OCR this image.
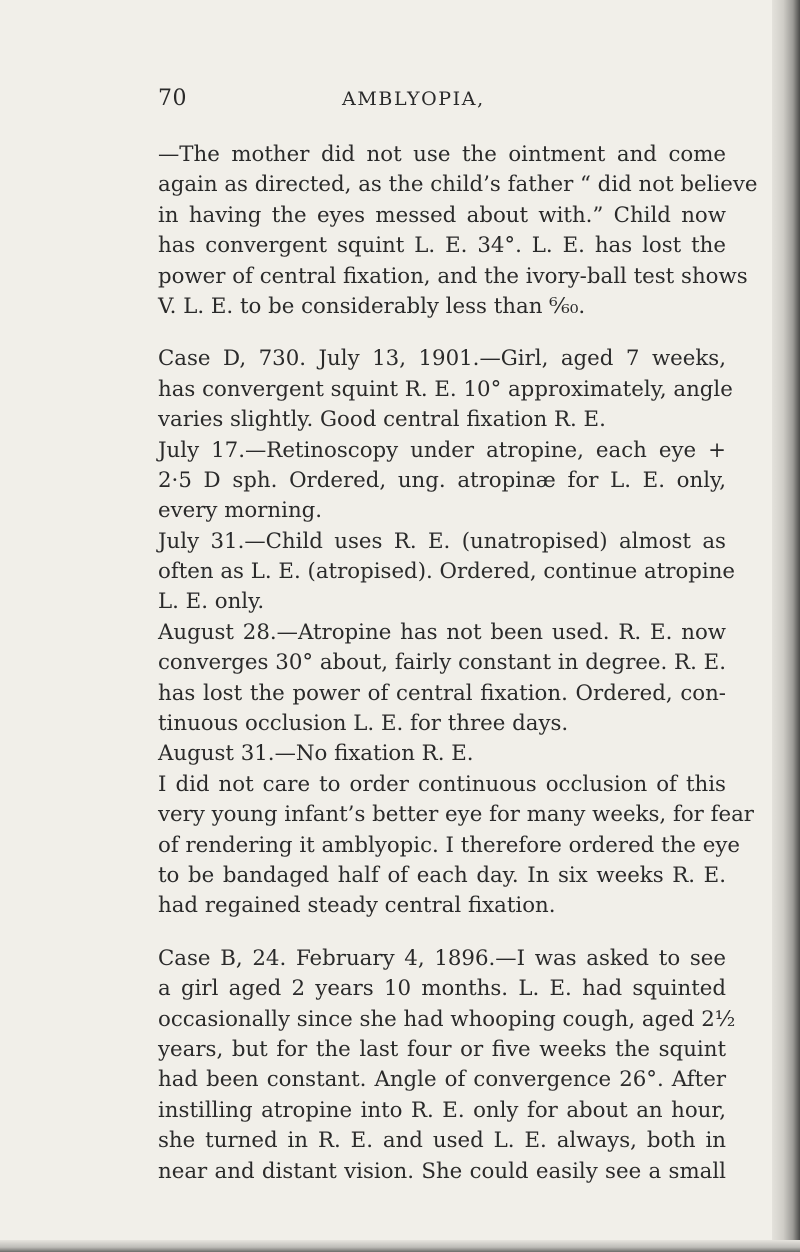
70	AMBLYOPIA,
—The mother did not use the ointment and come
again as directed, as the child’s father “ did not believe
in having the eyes messed about with.” Child now
has convergent squint L. E. 34°. L. E. has lost the
power of central fixation, and the ivory-ball test shows
V. L. E. to be considerably less than ⁶⁄₆₀.
Case D, 730. July 13, 1901.—Girl, aged 7 weeks,
has convergent squint R. E. 10° approximately, angle
varies slightly. Good central fixation R. E.
July 17.—Retinoscopy under atropine, each eye +
2·5 D sph. Ordered, ung. atropinæ for L. E. only,
every morning.
July 31.—Child uses R. E. (unatropised) almost as
often as L. E. (atropised). Ordered, continue atropine
L. E. only.
August 28.—Atropine has not been used. R. E. now
converges 30° about, fairly constant in degree. R. E.
has lost the power of central fixation. Ordered, con-
tinuous occlusion L. E. for three days.
August 31.—No fixation R. E.
I did not care to order continuous occlusion of this
very young infant’s better eye for many weeks, for fear
of rendering it amblyopic. I therefore ordered the eye
to be bandaged half of each day. In six weeks R. E.
had regained steady central fixation.
Case B, 24. February 4, 1896.—I was asked to see
a girl aged 2 years 10 months. L. E. had squinted
occasionally since she had whooping cough, aged 2½
years, but for the last four or five weeks the squint
had been constant. Angle of convergence 26°. After
instilling atropine into R. E. only for about an hour,
she turned in R. E. and used L. E. always, both in
near and distant vision. She could easily see a small
